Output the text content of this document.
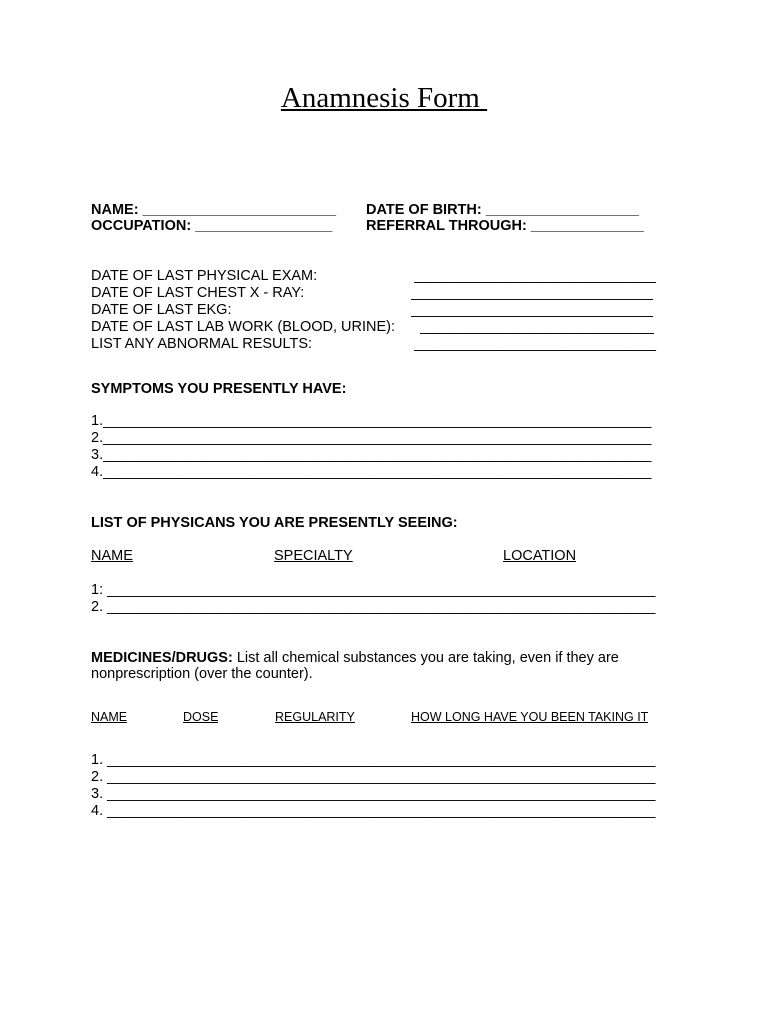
Anamnesis Form
NAME: ________________________	DATE OF BIRTH: ___________________
OCCUPATION: _________________	REFERRAL THROUGH: ______________
DATE OF LAST PHYSICAL EXAM:	______________________________
DATE OF LAST CHEST X - RAY:	______________________________
DATE OF LAST EKG:	______________________________
DATE OF LAST LAB WORK (BLOOD, URINE):	_____________________________
LIST ANY ABNORMAL RESULTS:	______________________________
SYMPTOMS YOU PRESENTLY HAVE:
1.____________________________________________________________________
2.____________________________________________________________________
3.____________________________________________________________________
4.____________________________________________________________________
LIST OF PHYSICANS YOU ARE PRESENTLY SEEING:
NAME	SPECIALTY	LOCATION
1: ____________________________________________________________________
2. ____________________________________________________________________
MEDICINES/DRUGS: List all chemical substances you are taking, even if they are
nonprescription (over the counter).
NAME	DOSE	REGULARITY	HOW LONG HAVE YOU BEEN TAKING IT
1. ____________________________________________________________________
2. ____________________________________________________________________
3. ____________________________________________________________________
4. ____________________________________________________________________
